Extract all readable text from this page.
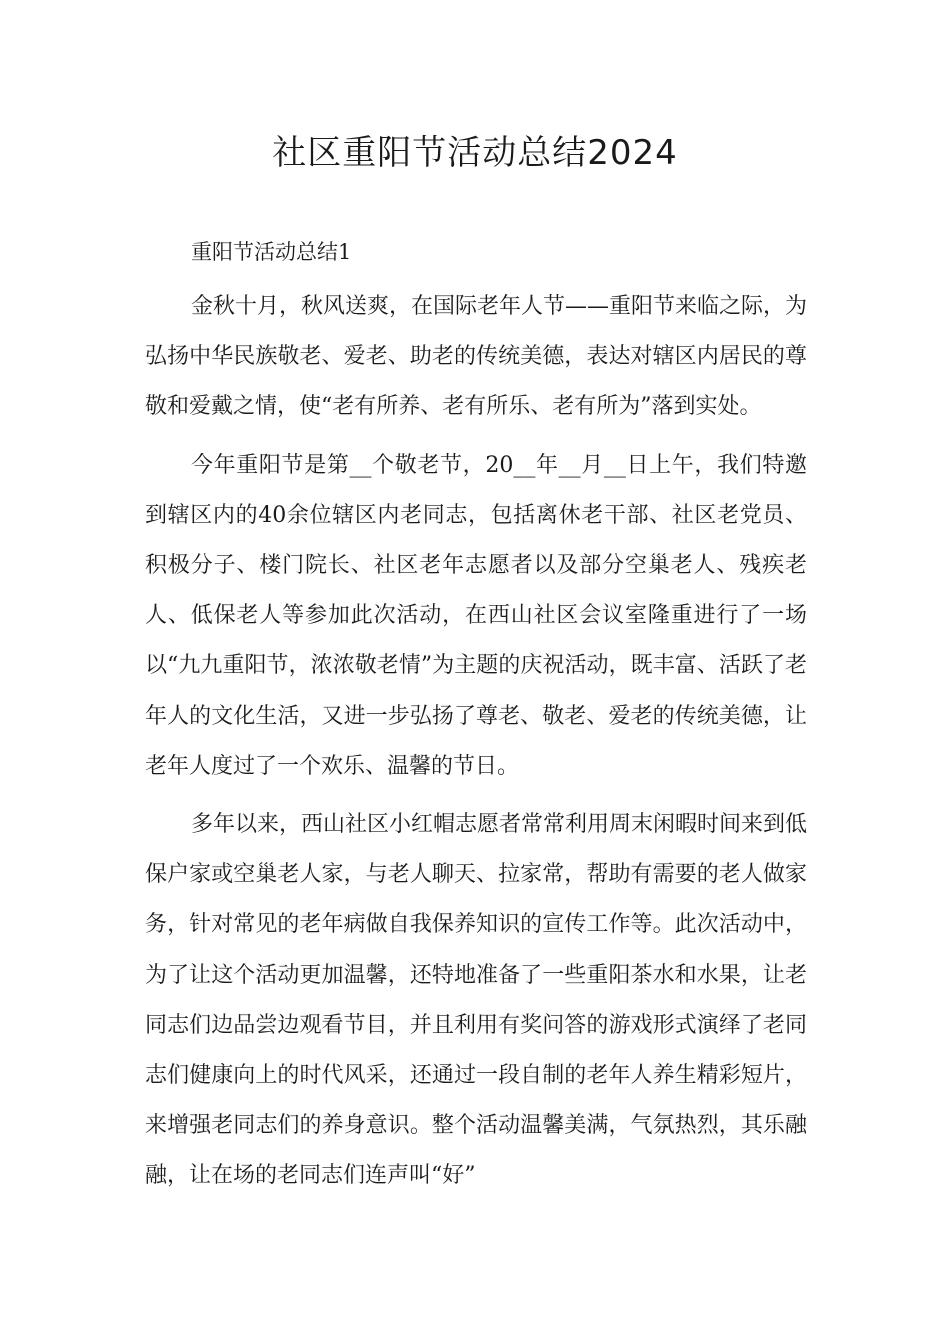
社区重阳节活动总结2024

重阳节活动总结1

金秋十月，秋风送爽，在国际老年人节——重阳节来临之际，为弘扬中华民族敬老、爱老、助老的传统美德，表达对辖区内居民的尊敬和爱戴之情，使“老有所养、老有所乐、老有所为”落到实处。

今年重阳节是第__个敬老节，20__年__月__日上午，我们特邀到辖区内的40余位辖区内老同志，包括离休老干部、社区老党员、积极分子、楼门院长、社区老年志愿者以及部分空巢老人、残疾老人、低保老人等参加此次活动，在西山社区会议室隆重进行了一场以“九九重阳节，浓浓敬老情”为主题的庆祝活动，既丰富、活跃了老年人的文化生活，又进一步弘扬了尊老、敬老、爱老的传统美德，让老年人度过了一个欢乐、温馨的节日。

多年以来，西山社区小红帽志愿者常常利用周末闲暇时间来到低保户家或空巢老人家，与老人聊天、拉家常，帮助有需要的老人做家务，针对常见的老年病做自我保养知识的宣传工作等。此次活动中，为了让这个活动更加温馨，还特地准备了一些重阳茶水和水果，让老同志们边品尝边观看节目，并且利用有奖问答的游戏形式演绎了老同志们健康向上的时代风采，还通过一段自制的老年人养生精彩短片，来增强老同志们的养身意识。整个活动温馨美满，气氛热烈，其乐融融，让在场的老同志们连声叫“好”
